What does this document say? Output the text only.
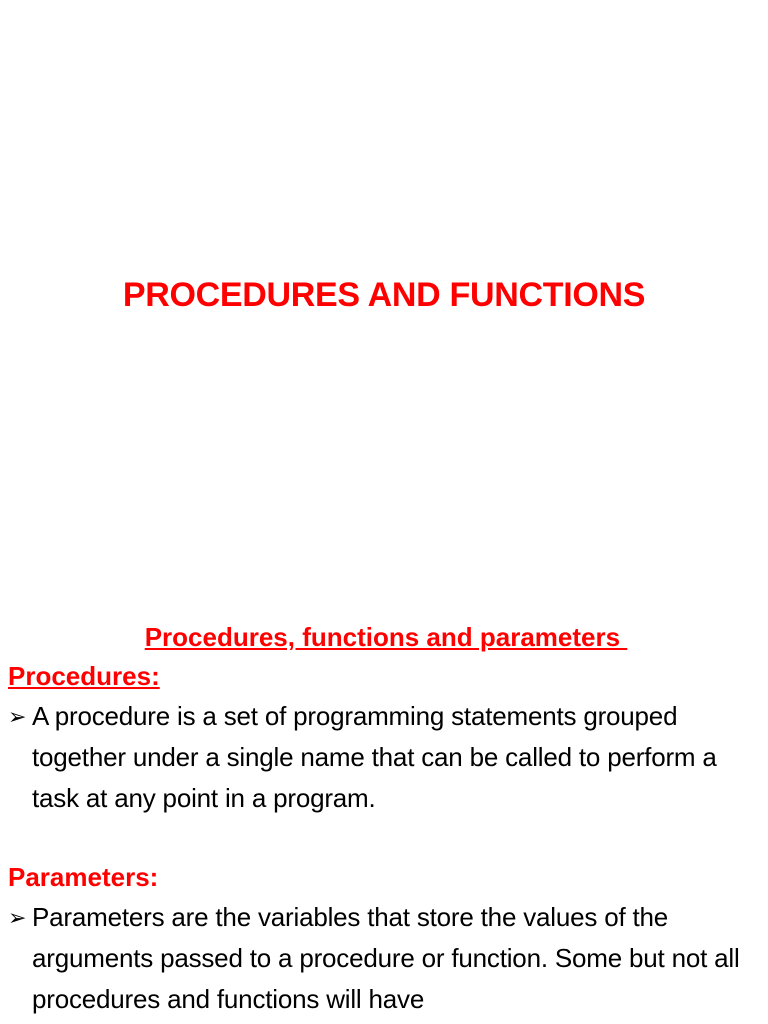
PROCEDURES AND FUNCTIONS

Procedures, functions and parameters

Procedures:

➢ A procedure is a set of programming statements grouped together under a single name that can be called to perform a task at any point in a program.

Parameters:

➢ Parameters are the variables that store the values of the arguments passed to a procedure or function. Some but not all procedures and functions will have
